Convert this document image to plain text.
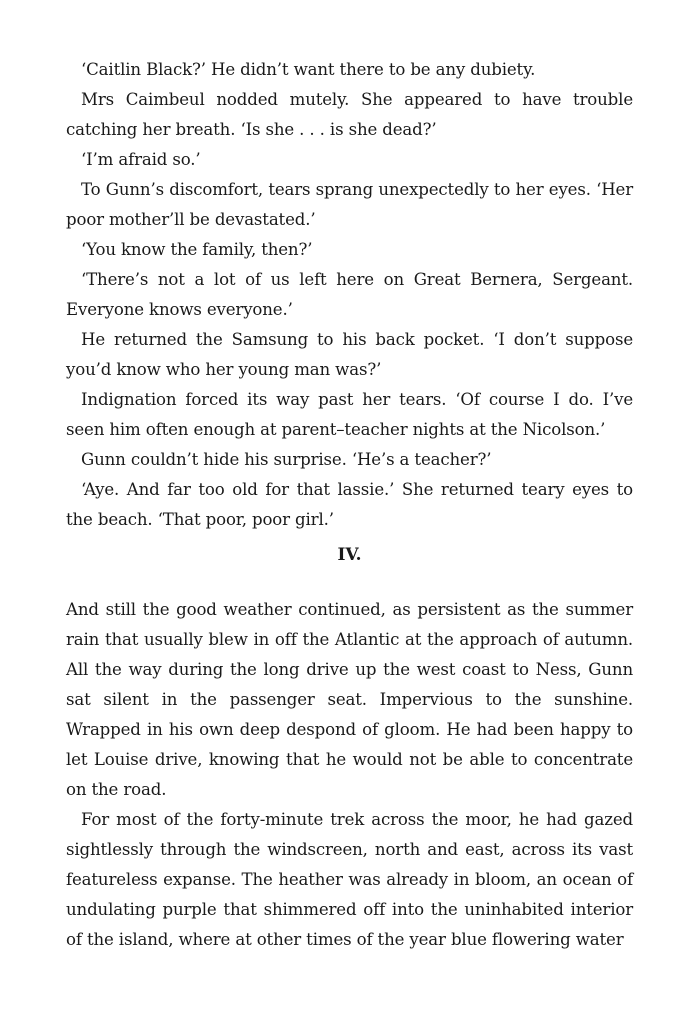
‘Caitlin Black?’ He didn’t want there to be any dubiety.

Mrs Caimbeul nodded mutely. She appeared to have trouble catching her breath. ‘Is she . . . is she dead?’

‘I’m afraid so.’

To Gunn’s discomfort, tears sprang unexpectedly to her eyes. ‘Her poor mother’ll be devastated.’

‘You know the family, then?’

‘There’s not a lot of us left here on Great Bernera, Sergeant. Everyone knows everyone.’

He returned the Samsung to his back pocket. ‘I don’t suppose you’d know who her young man was?’

Indignation forced its way past her tears. ‘Of course I do. I’ve seen him often enough at parent–teacher nights at the Nicolson.’

Gunn couldn’t hide his surprise. ‘He’s a teacher?’

‘Aye. And far too old for that lassie.’ She returned teary eyes to the beach. ‘That poor, poor girl.’

IV.

And still the good weather continued, as persistent as the summer rain that usually blew in off the Atlantic at the approach of autumn. All the way during the long drive up the west coast to Ness, Gunn sat silent in the passenger seat. Impervious to the sunshine. Wrapped in his own deep despond of gloom. He had been happy to let Louise drive, knowing that he would not be able to concentrate on the road.

For most of the forty-minute trek across the moor, he had gazed sightlessly through the windscreen, north and east, across its vast featureless expanse. The heather was already in bloom, an ocean of undulating purple that shimmered off into the uninhabited interior of the island, where at other times of the year blue flowering water
